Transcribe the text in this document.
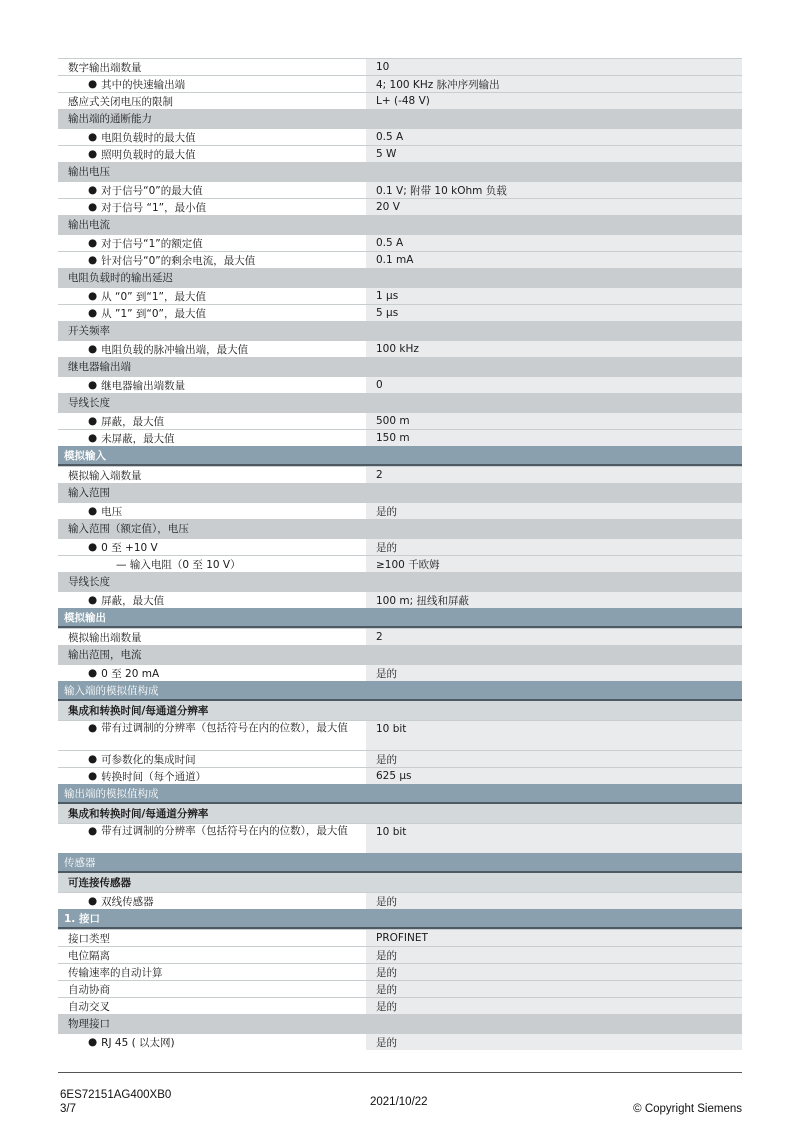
数字输出端数量	10
● 其中的快速输出端	4; 100 KHz 脉冲序列输出
感应式关闭电压的限制	L+ (-48 V)
输出端的通断能力
● 电阻负载时的最大值	0.5 A
● 照明负载时的最大值	5 W
输出电压
● 对于信号“0”的最大值	0.1 V; 附带 10 kOhm 负载
● 对于信号 “1”，最小值	20 V
输出电流
● 对于信号“1”的额定值	0.5 A
● 针对信号“0”的剩余电流，最大值	0.1 mA
电阻负载时的输出延迟
● 从 “0” 到“1”，最大值	1 µs
● 从 ”1” 到“0”，最大值	5 µs
开关频率
● 电阻负载的脉冲输出端，最大值	100 kHz
继电器输出端
● 继电器输出端数量	0
导线长度
● 屏蔽，最大值	500 m
● 未屏蔽，最大值	150 m
模拟输入
模拟输入端数量	2
输入范围
● 电压	是的
输入范围（额定值），电压
● 0 至 +10 V	是的
— 输入电阻（0 至 10 V）	≥100 千欧姆
导线长度
● 屏蔽，最大值	100 m; 扭线和屏蔽
模拟输出
模拟输出端数量	2
输出范围，电流
● 0 至 20 mA	是的
输入端的模拟值构成
集成和转换时间/每通道分辨率
● 带有过调制的分辨率（包括符号在内的位数），最大值	10 bit
● 可参数化的集成时间	是的
● 转换时间（每个通道）	625 µs
输出端的模拟值构成
集成和转换时间/每通道分辨率
● 带有过调制的分辨率（包括符号在内的位数），最大值	10 bit
传感器
可连接传感器
● 双线传感器	是的
1. 接口
接口类型	PROFINET
电位隔离	是的
传输速率的自动计算	是的
自动协商	是的
自动交叉	是的
物理接口
● RJ 45 ( 以太网)	是的
6ES72151AG400XB0
3/7
2021/10/22
© Copyright Siemens
